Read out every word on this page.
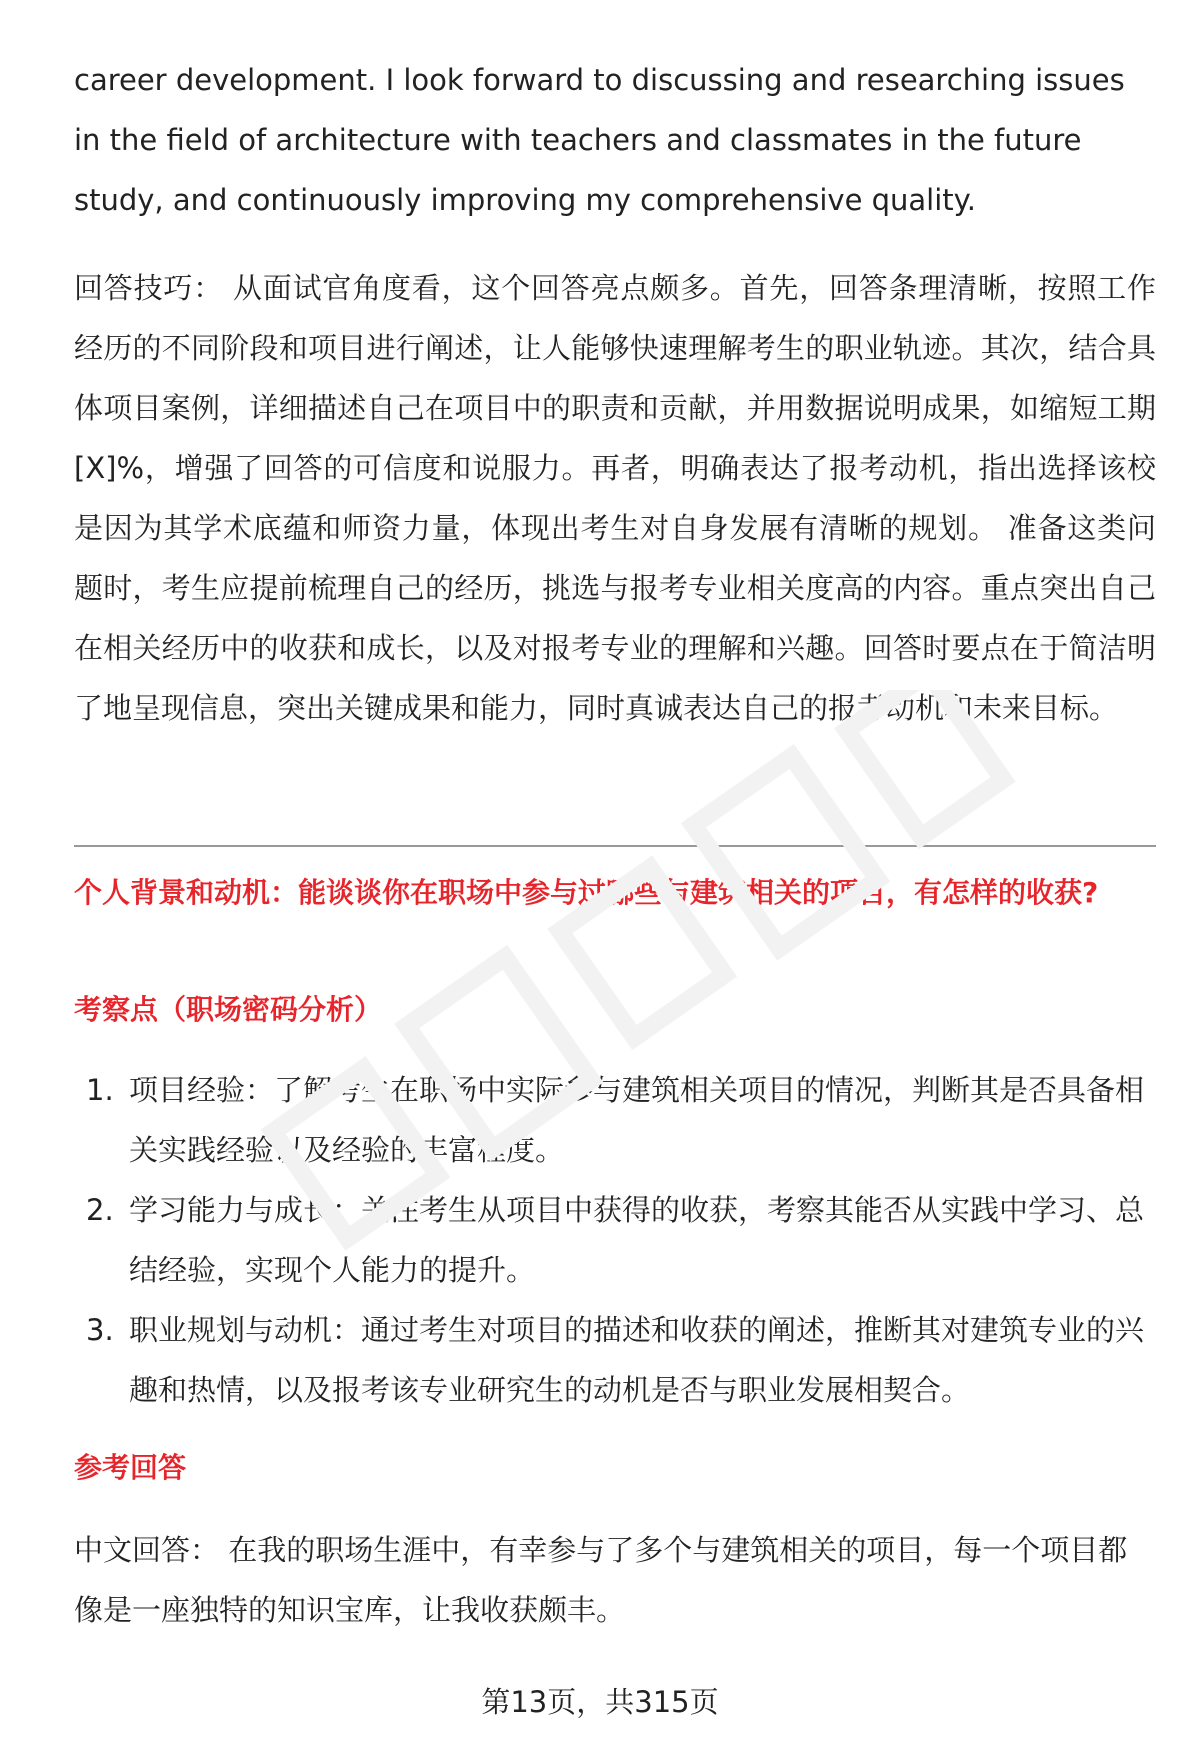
career development. I look forward to discussing and researching issues in the field of architecture with teachers and classmates in the future study, and continuously improving my comprehensive quality.

回答技巧： 从面试官角度看，这个回答亮点颇多。首先，回答条理清晰，按照工作经历的不同阶段和项目进行阐述，让人能够快速理解考生的职业轨迹。其次，结合具体项目案例，详细描述自己在项目中的职责和贡献，并用数据说明成果，如缩短工期[X]%，增强了回答的可信度和说服力。再者，明确表达了报考动机，指出选择该校是因为其学术底蕴和师资力量，体现出考生对自身发展有清晰的规划。 准备这类问题时，考生应提前梳理自己的经历，挑选与报考专业相关度高的内容。重点突出自己在相关经历中的收获和成长，以及对报考专业的理解和兴趣。回答时要点在于简洁明了地呈现信息，突出关键成果和能力，同时真诚表达自己的报考动机和未来目标。

个人背景和动机：能谈谈你在职场中参与过哪些与建筑相关的项目，有怎样的收获?
考察点（职场密码分析）
1. 项目经验：了解考生在职场中实际参与建筑相关项目的情况，判断其是否具备相关实践经验以及经验的丰富程度。
2. 学习能力与成长：关注考生从项目中获得的收获，考察其能否从实践中学习、总结经验，实现个人能力的提升。
3. 职业规划与动机：通过考生对项目的描述和收获的阐述，推断其对建筑专业的兴趣和热情，以及报考该专业研究生的动机是否与职业发展相契合。
参考回答

中文回答： 在我的职场生涯中，有幸参与了多个与建筑相关的项目，每一个项目都像是一座独特的知识宝库，让我收获颇丰。

第13页，共315页
